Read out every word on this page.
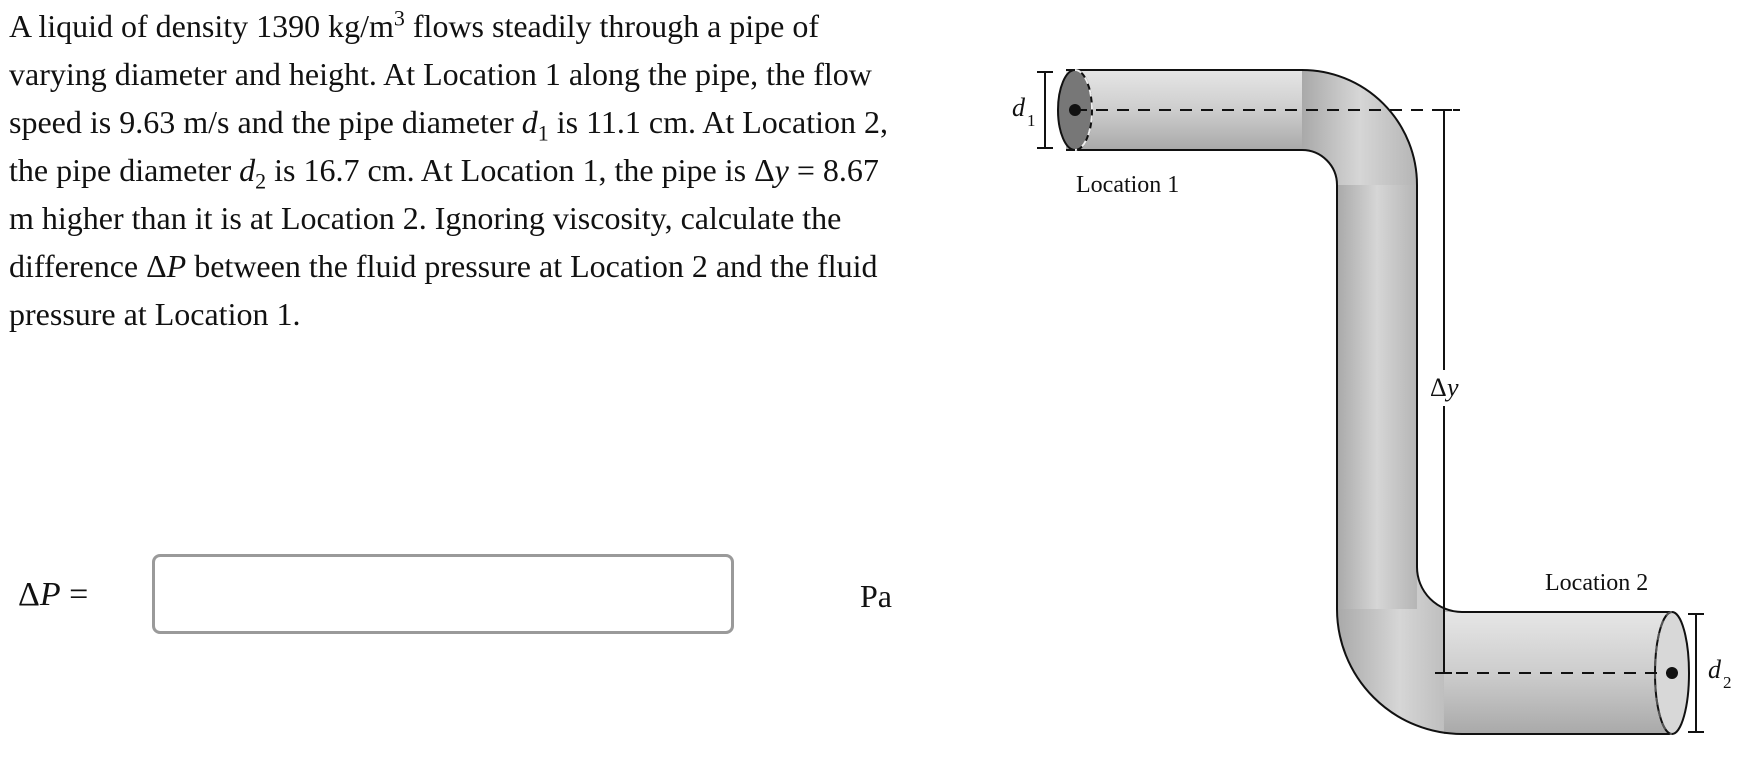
A liquid of density 1390 $kg/m^3$ flows steadily through a pipe of varying diameter and height. At Location 1 along the pipe, the flow speed is 9.63 m/s and the pipe diameter $d_1$ is 11.1 cm. At Location 2, the pipe diameter $d_2$ is 16.7 cm. At Location 1, the pipe is Δy = 8.67 m higher than it is at Location 2. Ignoring viscosity, calculate the difference ΔP between the fluid pressure at Location 2 and the fluid pressure at Location 1.

ΔP =	Pa
d 1
d 2
Δ y
Location 1
Location 2
